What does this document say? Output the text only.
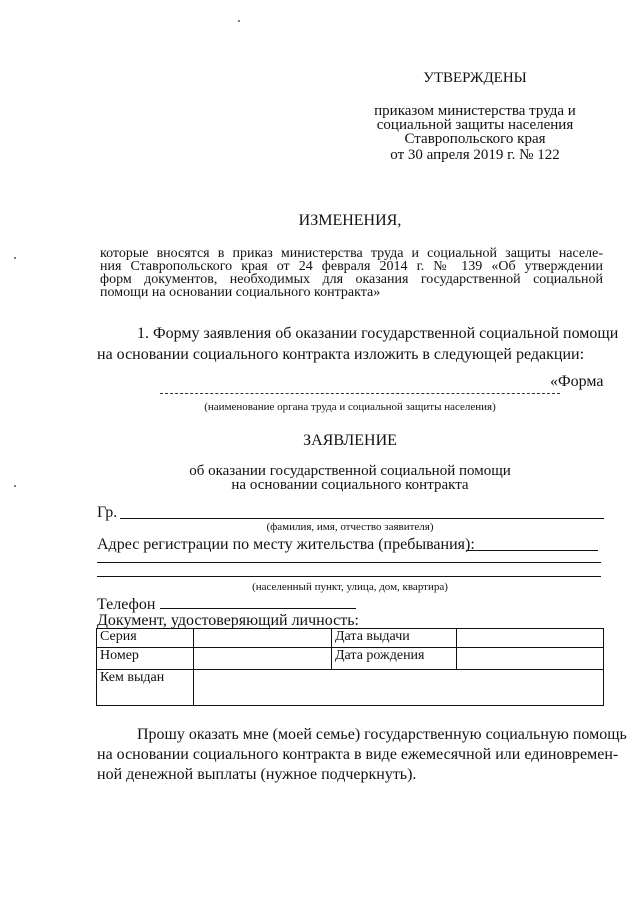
УТВЕРЖДЕНЫ
приказом министерства труда и
социальной защиты населения
Ставропольского края
от 30 апреля 2019 г. № 122
ИЗМЕНЕНИЯ,
которые вносятся в приказ министерства труда и социальной защиты населе-
ния Ставропольского края от 24 февраля 2014 г. № 139 «Об утверждении
форм документов, необходимых для оказания государственной социальной
помощи на основании социального контракта»
1. Форму заявления об оказании государственной социальной помощи
на основании социального контракта изложить в следующей редакции:
«Форма
(наименование органа труда и социальной защиты населения)
ЗАЯВЛЕНИЕ
об оказании государственной социальной помощи
на основании социального контракта
Гр.
(фамилия, имя, отчество заявителя)
Адрес регистрации по месту жительства (пребывания):
(населенный пункт, улица, дом, квартира)
Телефон
Документ, удостоверяющий личность:
Серия		Дата выдачи	
Номер		Дата рождения	
Кем выдан			
Прошу оказать мне (моей семье) государственную социальную помощь
на основании социального контракта в виде ежемесячной или единовремен-
ной денежной выплаты (нужное подчеркнуть).
